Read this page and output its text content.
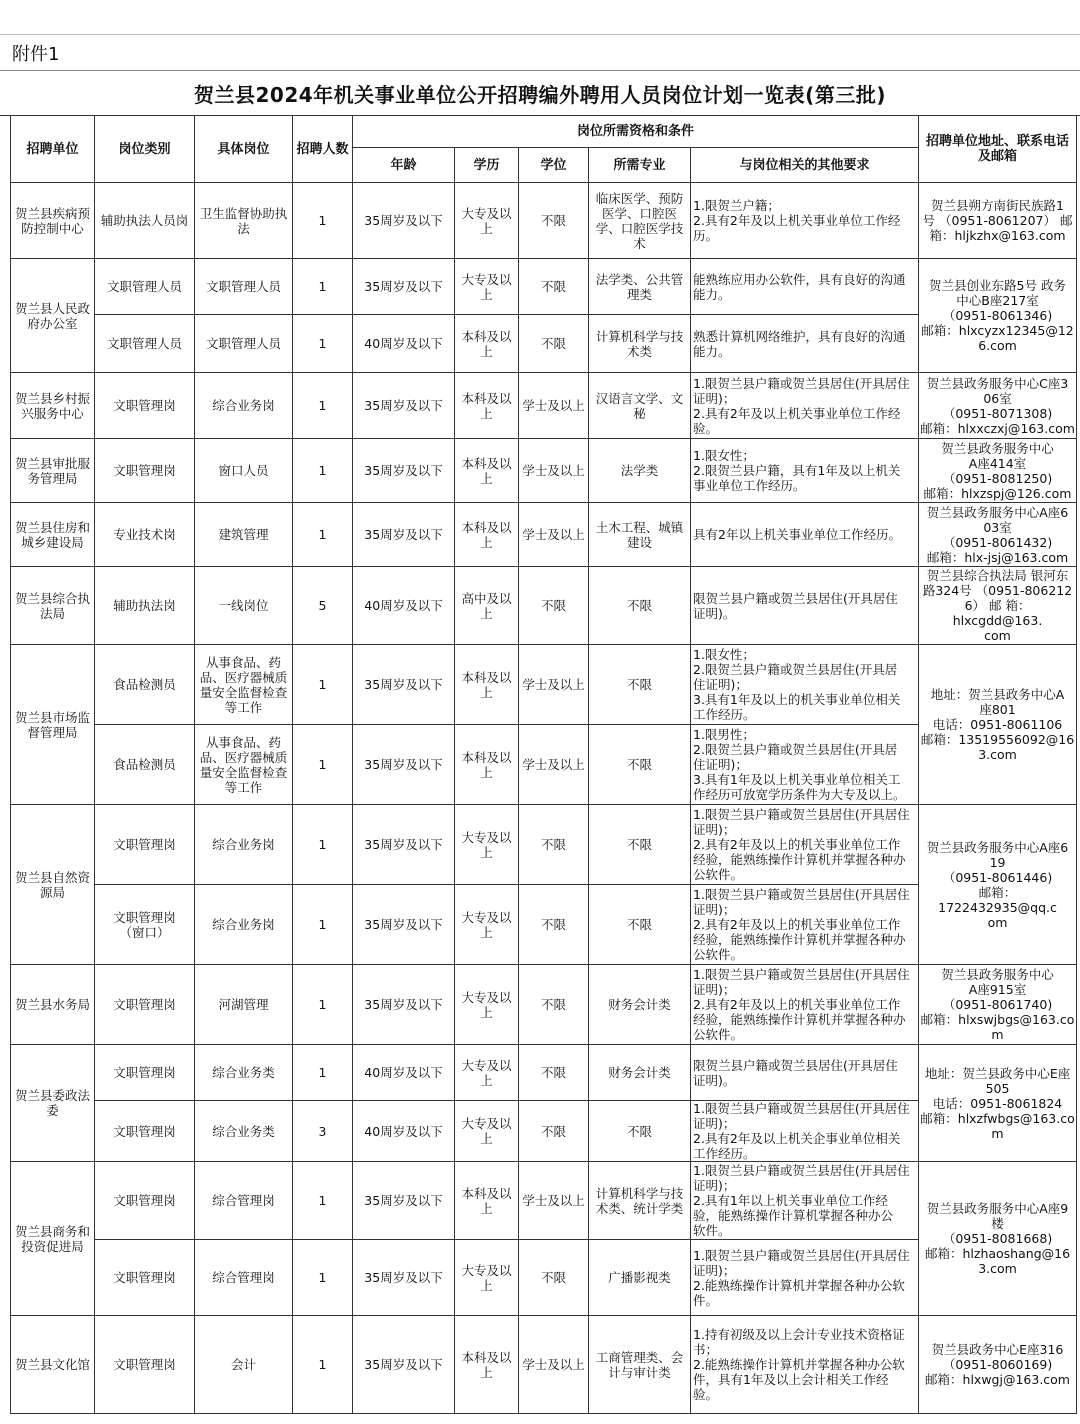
附件1
贺兰县2024年机关事业单位公开招聘编外聘用人员岗位计划一览表(第三批)
招聘单位	岗位类别	具体岗位	招聘人数	岗位所需资格和条件					招聘单位地址、联系电话
及邮箱

				年龄	学历	学位	所需专业	与岗位相关的其他要求	

贺兰县疾病预
防控制中心	辅助执法人员岗	卫生监督协助执
法	1	35周岁及以下	大专及以
上	不限	临床医学、预防
医学、口腔医
学、口腔医学技
术	1.限贺兰户籍；
2.具有2年及以上机关事业单位工作经
历。	贺兰县朔方南街民族路1
号 （0951-8061207） 邮
箱：hljkzhx@163.com

贺兰县人民政
府办公室	文职管理人员	文职管理人员	1	35周岁及以下	大专及以
上	不限	法学类、公共管
理类	能熟练应用办公软件，具有良好的沟通
能力。	贺兰县创业东路5号 政务
中心B座217室
（0951-8061346)
邮箱：hlxcyzx12345@12
6.com

	文职管理人员	文职管理人员	1	40周岁及以下	本科及以
上	不限	计算机科学与技
术类	熟悉计算机网络维护，具有良好的沟通
能力。	

贺兰县乡村振
兴服务中心	文职管理岗	综合业务岗	1	35周岁及以下	本科及以
上	学士及以上	汉语言文学、文
秘	1.限贺兰县户籍或贺兰县居住(开具居住
证明)；
2.具有2年及以上机关事业单位工作经
验。	贺兰县政务服务中心C座3
06室
（0951-8071308)
邮箱：hlxxczxj@163.com

贺兰县审批服
务管理局	文职管理岗	窗口人员	1	35周岁及以下	本科及以
上	学士及以上	法学类	1.限女性；
2.限贺兰县户籍，具有1年及以上机关
事业单位工作经历。	贺兰县政务服务中心
A座414室
（0951-8081250)
邮箱：hlxzspj@126.com

贺兰县住房和
城乡建设局	专业技术岗	建筑管理	1	35周岁及以下	本科及以
上	学士及以上	土木工程、城镇
建设	具有2年以上机关事业单位工作经历。	贺兰县政务服务中心A座6
03室
（0951-8061432)
邮箱：hlx-jsj@163.com

贺兰县综合执
法局	辅助执法岗	一线岗位	5	40周岁及以下	高中及以
上	不限	不限	限贺兰县户籍或贺兰县居住(开具居住
证明)。	贺兰县综合执法局 银河东
路324号 （0951-806212
6） 邮 箱：hlxcgdd@163.
com

贺兰县市场监
督管理局	食品检测员	从事食品、药
品、医疗器械质
量安全监督检查
等工作	1	35周岁及以下	本科及以
上	学士及以上	不限	1.限女性；
2.限贺兰县户籍或贺兰县居住(开具居
住证明)；
3.具有1年及以上的机关事业单位相关
工作经历。	地址：贺兰县政务中心A
座801
电话：0951-8061106
邮箱：13519556092@16
3.com

	食品检测员	从事食品、药
品、医疗器械质
量安全监督检查
等工作	1	35周岁及以下	本科及以
上	学士及以上	不限	1.限男性；
2.限贺兰县户籍或贺兰县居住(开具居
住证明)；
3.具有1年及以上机关事业单位相关工
作经历可放宽学历条件为大专及以上。	

贺兰县自然资
源局	文职管理岗	综合业务岗	1	35周岁及以下	大专及以
上	不限	不限	1.限贺兰县户籍或贺兰县居住(开具居住
证明)；
2.具有2年及以上的机关事业单位工作
经验，能熟练操作计算机并掌握各种办
公软件。	贺兰县政务服务中心A座6
19
（0951-8061446)
邮箱：1722432935@qq.c
om

	文职管理岗
（窗口）	综合业务岗	1	35周岁及以下	大专及以
上	不限	不限	1.限贺兰县户籍或贺兰县居住(开具居住
证明)；
2.具有2年及以上的机关事业单位工作
经验，能熟练操作计算机并掌握各种办
公软件。	

贺兰县水务局	文职管理岗	河湖管理	1	35周岁及以下	大专及以
上	不限	财务会计类	1.限贺兰县户籍或贺兰县居住(开具居住
证明)；
2.具有2年及以上的机关事业单位工作
经验，能熟练操作计算机并掌握各种办
公软件。	贺兰县政务服务中心
A座915室
（0951-8061740)
邮箱：hlxswjbgs@163.co
m

贺兰县委政法
委	文职管理岗	综合业务类	1	40周岁及以下	大专及以
上	不限	财务会计类	限贺兰县户籍或贺兰县居住(开具居住
证明)。	地址：贺兰县政务中心E座
505
电话：0951-8061824
邮箱：hlxzfwbgs@163.co
m

	文职管理岗	综合业务类	3	40周岁及以下	大专及以
上	不限	不限	1.限贺兰县户籍或贺兰县居住(开具居住
证明)；
2.具有2年及以上机关企事业单位相关
工作经历。	

贺兰县商务和
投资促进局	文职管理岗	综合管理岗	1	35周岁及以下	本科及以
上	学士及以上	计算机科学与技
术类、统计学类	1.限贺兰县户籍或贺兰县居住(开具居住
证明)；
2.具有1年以上机关事业单位工作经
验，能熟练操作计算机掌握各种办公
软件。	贺兰县政务服务中心A座9
楼
（0951-8081668)
邮箱：hlzhaoshang@16
3.com

	文职管理岗	综合管理岗	1	35周岁及以下	大专及以
上	不限	广播影视类	1.限贺兰县户籍或贺兰县居住(开具居住
证明)；
2.能熟练操作计算机并掌握各种办公软
件。	

贺兰县文化馆	文职管理岗	会计	1	35周岁及以下	本科及以
上	学士及以上	工商管理类、会
计与审计类	1.持有初级及以上会计专业技术资格证
书；
2.能熟练操作计算机并掌握各种办公软
件，具有1年及以上会计相关工作经
验。	贺兰县政务中心E座316
（0951-8060169)
邮箱：hlxwgj@163.com
